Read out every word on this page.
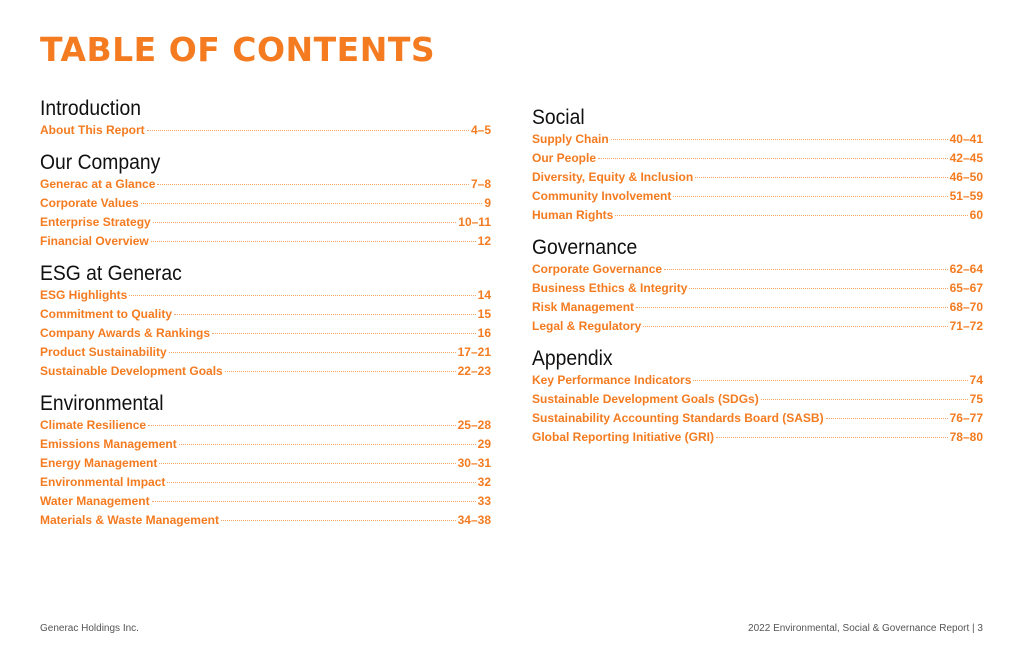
TABLE OF CONTENTS
Introduction
About This Report	4–5
Our Company
Generac at a Glance	7–8
Corporate Values	9
Enterprise Strategy	10–11
Financial Overview	12
ESG at Generac
ESG Highlights	14
Commitment to Quality	15
Company Awards & Rankings	16
Product Sustainability	17–21
Sustainable Development Goals	22–23
Environmental
Climate Resilience	25–28
Emissions Management	29
Energy Management	30–31
Environmental Impact	32
Water Management	33
Materials & Waste Management	34–38
Social
Supply Chain	40–41
Our People	42–45
Diversity, Equity & Inclusion	46–50
Community Involvement	51–59
Human Rights	60
Governance
Corporate Governance	62–64
Business Ethics & Integrity	65–67
Risk Management	68–70
Legal & Regulatory	71–72
Appendix
Key Performance Indicators	74
Sustainable Development Goals (SDGs)	75
Sustainability Accounting Standards Board (SASB)	76–77
Global Reporting Initiative (GRI)	78–80
Generac Holdings Inc.	2022 Environmental, Social & Governance Report | 3
